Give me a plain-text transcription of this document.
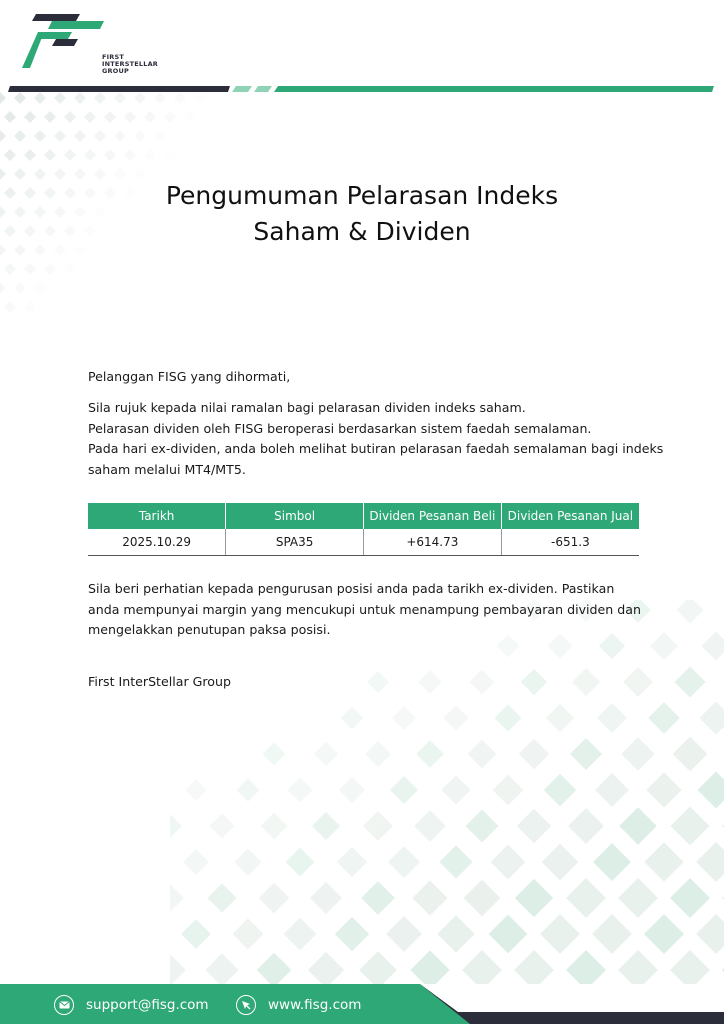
FIRST
INTERSTELLAR
GROUP
Pengumuman Pelarasan Indeks
Saham & Dividen
Pelanggan FISG yang dihormati,
Sila rujuk kepada nilai ramalan bagi pelarasan dividen indeks saham.
Pelarasan dividen oleh FISG beroperasi berdasarkan sistem faedah semalaman.
Pada hari ex-dividen, anda boleh melihat butiran pelarasan faedah semalaman bagi indeks
saham melalui MT4/MT5.
Tarikh	Simbol	Dividen Pesanan Beli	Dividen Pesanan Jual
2025.10.29	SPA35	+614.73	-651.3
Sila beri perhatian kepada pengurusan posisi anda pada tarikh ex-dividen. Pastikan anda mempunyai margin yang mencukupi untuk menampung pembayaran dividen dan mengelakkan penutupan paksa posisi.
First InterStellar Group
support@fisg.com	www.fisg.com
